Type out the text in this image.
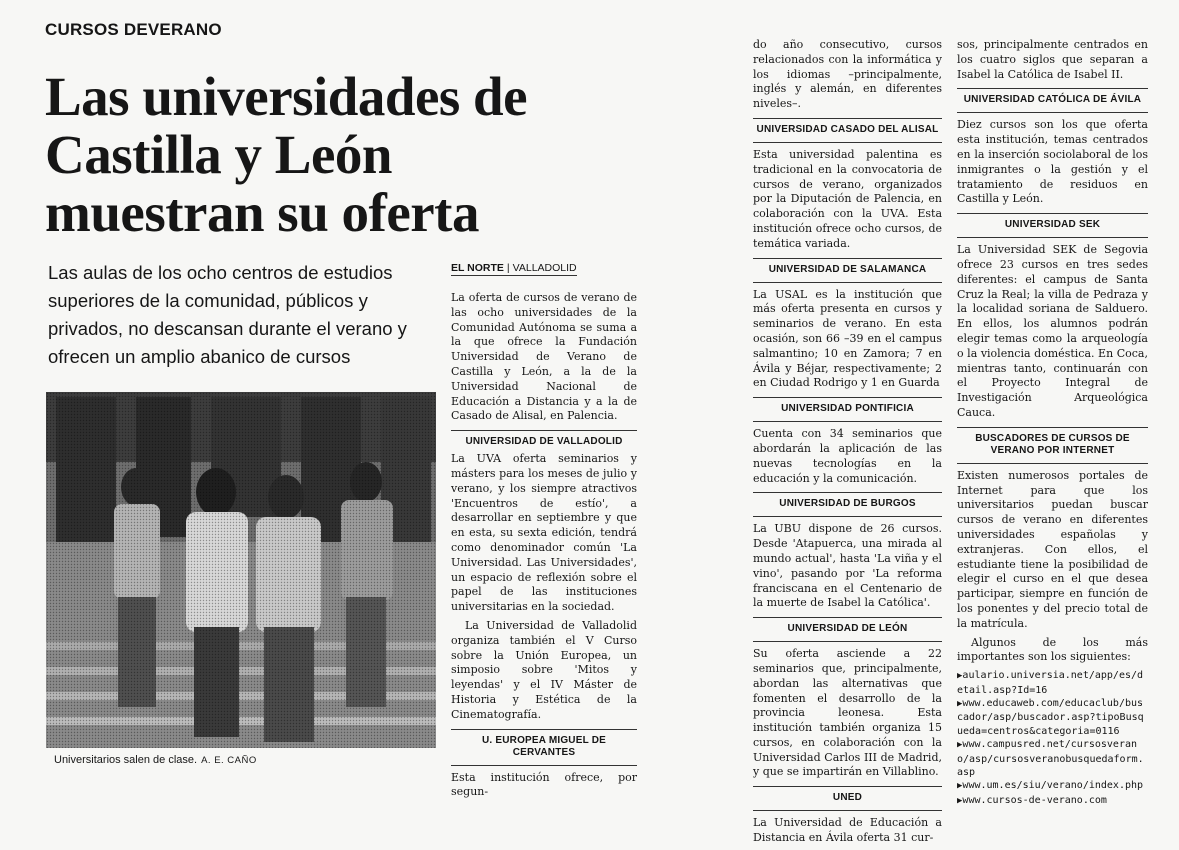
CURSOS DEVERANO
Las universidades de Castilla y León muestran su oferta

Las aulas de los ocho centros de estudios superiores de la comunidad, públicos y privados, no descansan durante el verano y ofrecen un amplio abanico de cursos

Universitarios salen de clase. A. E. CAÑO
EL NORTE | VALLADOLID

La oferta de cursos de verano de las ocho universidades de la Comunidad Autónoma se suma a la que ofrece la Fundación Universidad de Verano de Castilla y León, a la de la Universidad Nacional de Educación a Distancia y a la de Casado de Alisal, en Palencia.

UNIVERSIDAD DE VALLADOLID

La UVA oferta seminarios y másters para los meses de julio y verano, y los siempre atractivos 'Encuentros de estío', a desarrollar en septiembre y que en esta, su sexta edición, tendrá como denominador común 'La Universidad. Las Universidades', un espacio de reflexión sobre el papel de las instituciones universitarias en la sociedad.

La Universidad de Valladolid organiza también el V Curso sobre la Unión Europea, un simposio sobre 'Mitos y leyendas' y el IV Máster de Historia y Estética de la Cinematografía.

U. EUROPEA MIGUEL DE CERVANTES

Esta institución ofrece, por segun-

do año consecutivo, cursos relacionados con la informática y los idiomas –principalmente, inglés y alemán, en diferentes niveles–.

UNIVERSIDAD CASADO DEL ALISAL

Esta universidad palentina es tradicional en la convocatoria de cursos de verano, organizados por la Diputación de Palencia, en colaboración con la UVA. Esta institución ofrece ocho cursos, de temática variada.

UNIVERSIDAD DE SALAMANCA

La USAL es la institución que más oferta presenta en cursos y seminarios de verano. En esta ocasión, son 66 –39 en el campus salmantino; 10 en Zamora; 7 en Ávila y Béjar, respectivamente; 2 en Ciudad Rodrigo y 1 en Guarda

UNIVERSIDAD PONTIFICIA

Cuenta con 34 seminarios que abordarán la aplicación de las nuevas tecnologías en la educación y la comunicación.

UNIVERSIDAD DE BURGOS

La UBU dispone de 26 cursos. Desde 'Atapuerca, una mirada al mundo actual', hasta 'La viña y el vino', pasando por 'La reforma franciscana en el Centenario de la muerte de Isabel la Católica'.

UNIVERSIDAD DE LEÓN

Su oferta asciende a 22 seminarios que, principalmente, abordan las alternativas que fomenten el desarrollo de la provincia leonesa. Esta institución también organiza 15 cursos, en colaboración con la Universidad Carlos III de Madrid, y que se impartirán en Villablino.

UNED

La Universidad de Educación a Distancia en Ávila oferta 31 cur-

sos, principalmente centrados en los cuatro siglos que separan a Isabel la Católica de Isabel II.

UNIVERSIDAD CATÓLICA DE ÁVILA

Diez cursos son los que oferta esta institución, temas centrados en la inserción sociolaboral de los inmigrantes o la gestión y el tratamiento de residuos en Castilla y León.

UNIVERSIDAD SEK

La Universidad SEK de Segovia ofrece 23 cursos en tres sedes diferentes: el campus de Santa Cruz la Real; la villa de Pedraza y la localidad soriana de Salduero. En ellos, los alumnos podrán elegir temas como la arqueología o la violencia doméstica. En Coca, mientras tanto, continuarán con el Proyecto Integral de Investigación Arqueológica Cauca.

BUSCADORES DE CURSOS DE VERANO POR INTERNET

Existen numerosos portales de Internet para que los universitarios puedan buscar cursos de verano en diferentes universidades españolas y extranjeras. Con ellos, el estudiante tiene la posibilidad de elegir el curso en el que desea participar, siempre en función de los ponentes y del precio total de la matrícula.

Algunos de los más importantes son los siguientes:

▶aulario.universia.net/app/es/detail.asp?Id=16

▶www.educaweb.com/educaclub/buscador/asp/buscador.asp?tipoBusqueda=centros&categoria=0116

▶www.campusred.net/cursosverano/asp/cursosveranobusquedaform.asp

▶www.um.es/siu/verano/index.php

▶www.cursos-de-verano.com
